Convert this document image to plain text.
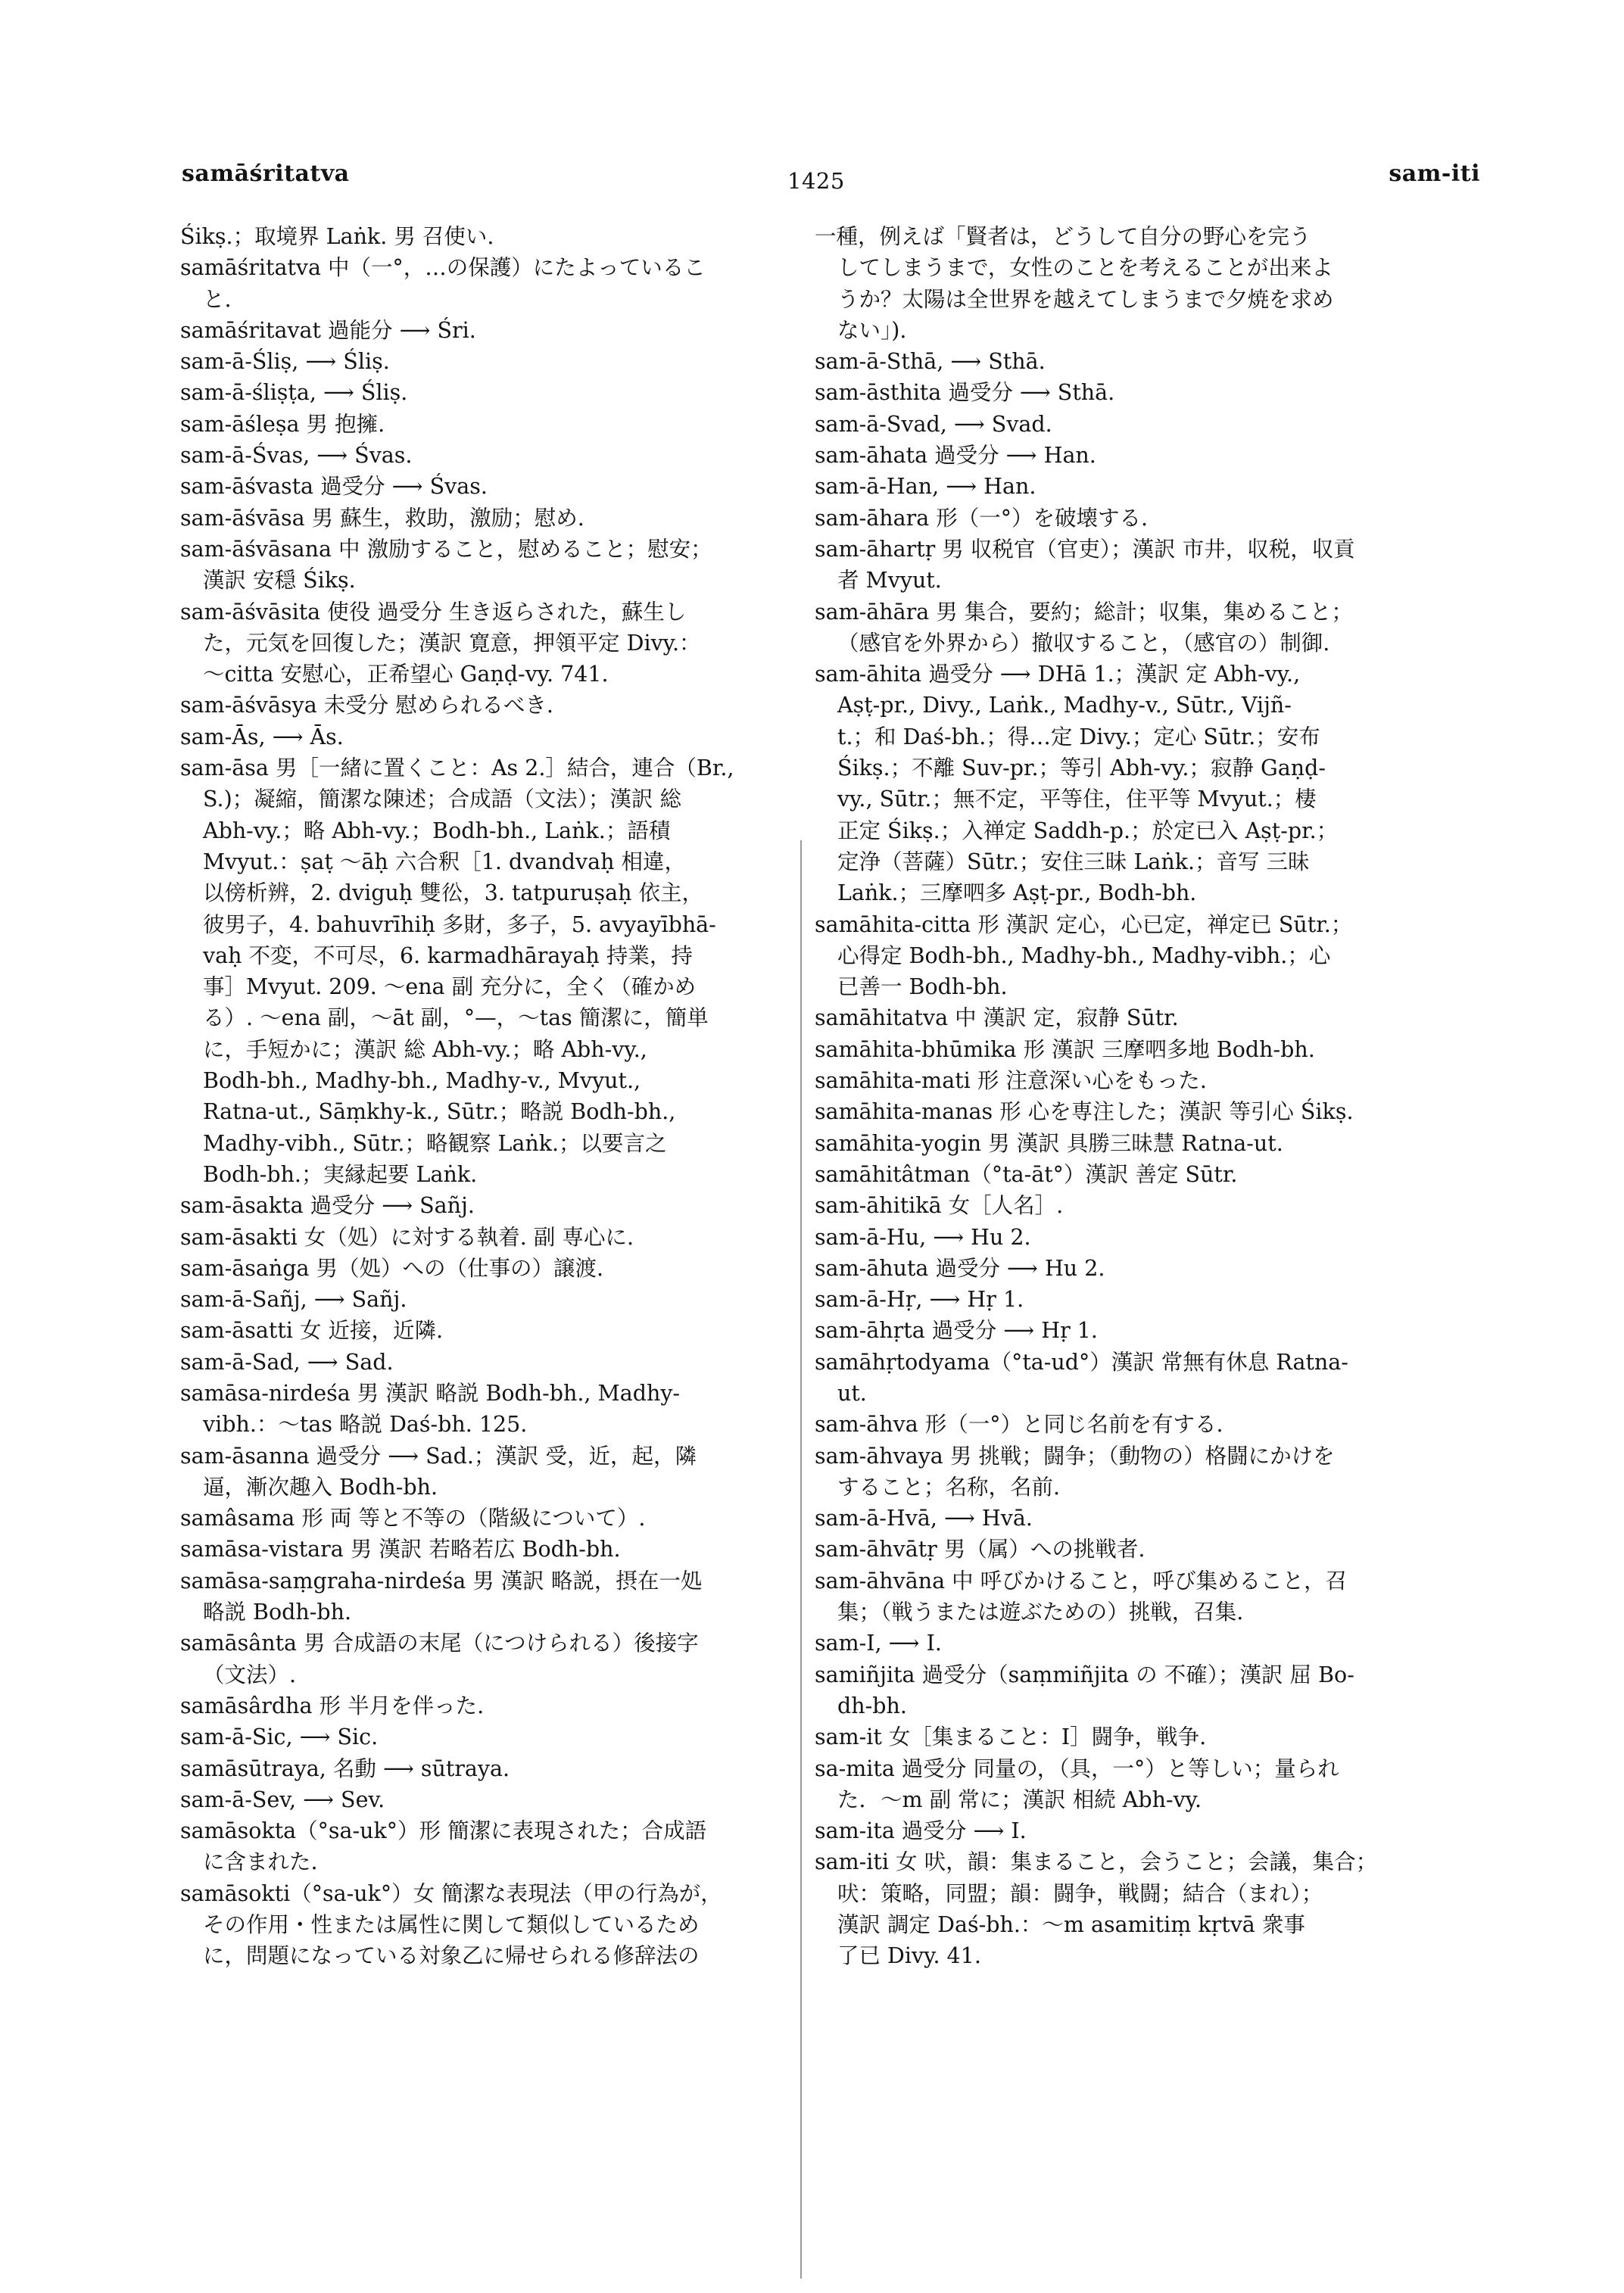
samāśritatva	1425	sam-iti
Śikṣ.；取境界 Laṅk. 男 召使い.
samāśritatva 中（一°，…の保護）にたよっているこ
と.
samāśritavat 過能分 ⟶ Śri.
sam-ā-Śliṣ, ⟶ Śliṣ.
sam-ā-śliṣṭa, ⟶ Śliṣ.
sam-āśleṣa 男 抱擁.
sam-ā-Śvas, ⟶ Śvas.
sam-āśvasta 過受分 ⟶ Śvas.
sam-āśvāsa 男 蘇生，救助，激励；慰め.
sam-āśvāsana 中 激励すること，慰めること；慰安；
漢訳 安穏 Śikṣ.
sam-āśvāsita 使役 過受分 生き返らされた，蘇生し
た，元気を回復した；漢訳 寛意，押領平定 Divy.：
～citta 安慰心，正希望心 Gaṇḍ-vy. 741.
sam-āśvāsya 未受分 慰められるべき.
sam-Ās, ⟶ Ās.
sam-āsa 男［一緒に置くこと：As 2.］結合，連合（Br.,
S.)；凝縮，簡潔な陳述；合成語（文法）；漢訳 総
Abh-vy.；略 Abh-vy.；Bodh-bh., Laṅk.；語積
Mvyut.：ṣaṭ ～āḥ 六合釈［1. dvandvaḥ 相違，
以傍析辨，2. dviguḥ 雙彸，3. tatpuruṣaḥ 依主，
彼男子，4. bahuvrīhiḥ 多財，多子，5. avyayībhā-
vaḥ 不変，不可尽，6. karmadhārayaḥ 持業，持
事］Mvyut. 209. ～ena 副 充分に，全く（確かめ
る）. ～ena 副，～āt 副，°—，～tas 簡潔に，簡単
に，手短かに；漢訳 総 Abh-vy.；略 Abh-vy.,
Bodh-bh., Madhy-bh., Madhy-v., Mvyut.,
Ratna-ut., Sāṃkhy-k., Sūtr.；略説 Bodh-bh.,
Madhy-vibh., Sūtr.；略観察 Laṅk.；以要言之
Bodh-bh.；実縁起要 Laṅk.
sam-āsakta 過受分 ⟶ Sañj.
sam-āsakti 女（処）に対する執着. 副 専心に.
sam-āsaṅga 男（処）への（仕事の）譲渡.
sam-ā-Sañj, ⟶ Sañj.
sam-āsatti 女 近接，近隣.
sam-ā-Sad, ⟶ Sad.
samāsa-nirdeśa 男 漢訳 略説 Bodh-bh., Madhy-
vibh.：～tas 略説 Daś-bh. 125.
sam-āsanna 過受分 ⟶ Sad.；漢訳 受，近，起，隣
逼，漸次趣入 Bodh-bh.
samâsama 形 両 等と不等の（階級について）.
samāsa-vistara 男 漢訳 若略若広 Bodh-bh.
samāsa-saṃgraha-nirdeśa 男 漢訳 略説，摂在一処
略説 Bodh-bh.
samāsânta 男 合成語の末尾（につけられる）後接字
（文法）.
samāsârdha 形 半月を伴った.
sam-ā-Sic, ⟶ Sic.
samāsūtraya, 名動 ⟶ sūtraya.
sam-ā-Sev, ⟶ Sev.
samāsokta（°sa-uk°）形 簡潔に表現された；合成語
に含まれた.
samāsokti（°sa-uk°）女 簡潔な表現法（甲の行為が，
その作用・性または属性に関して類似しているため
に，問題になっている対象乙に帰せられる修辞法の
一種，例えば「賢者は，どうして自分の野心を完う
してしまうまで，女性のことを考えることが出来よ
うか？太陽は全世界を越えてしまうまで夕焼を求め
ない」).
sam-ā-Sthā, ⟶ Sthā.
sam-āsthita 過受分 ⟶ Sthā.
sam-ā-Svad, ⟶ Svad.
sam-āhata 過受分 ⟶ Han.
sam-ā-Han, ⟶ Han.
sam-āhara 形（一°）を破壊する.
sam-āhartṛ 男 収税官（官吏）；漢訳 市井，収税，収貢
者 Mvyut.
sam-āhāra 男 集合，要約；総計；収集，集めること；
（感官を外界から）撤収すること，（感官の）制御.
sam-āhita 過受分 ⟶ DHā 1.；漢訳 定 Abh-vy.,
Aṣṭ-pr., Divy., Laṅk., Madhy-v., Sūtr., Vijñ-
t.；和 Daś-bh.；得…定 Divy.；定心 Sūtr.；安布
Śikṣ.；不離 Suv-pr.；等引 Abh-vy.；寂静 Gaṇḍ-
vy., Sūtr.；無不定，平等住，住平等 Mvyut.；棲
正定 Śikṣ.；入禅定 Saddh-p.；於定已入 Aṣṭ-pr.；
定浄（菩薩）Sūtr.；安住三昧 Laṅk.；音写 三昧
Laṅk.；三摩呬多 Aṣṭ-pr., Bodh-bh.
samāhita-citta 形 漢訳 定心，心已定，禅定已 Sūtr.；
心得定 Bodh-bh., Madhy-bh., Madhy-vibh.；心
已善一 Bodh-bh.
samāhitatva 中 漢訳 定，寂静 Sūtr.
samāhita-bhūmika 形 漢訳 三摩呬多地 Bodh-bh.
samāhita-mati 形 注意深い心をもった.
samāhita-manas 形 心を専注した；漢訳 等引心 Śikṣ.
samāhita-yogin 男 漢訳 具勝三昧慧 Ratna-ut.
samāhitâtman（°ta-āt°）漢訳 善定 Sūtr.
sam-āhitikā 女［人名］.
sam-ā-Hu, ⟶ Hu 2.
sam-āhuta 過受分 ⟶ Hu 2.
sam-ā-Hṛ, ⟶ Hṛ 1.
sam-āhṛta 過受分 ⟶ Hṛ 1.
samāhṛtodyama（°ta-ud°）漢訳 常無有休息 Ratna-
ut.
sam-āhva 形（一°）と同じ名前を有する.
sam-āhvaya 男 挑戦；闘争；（動物の）格闘にかけを
すること；名称，名前.
sam-ā-Hvā, ⟶ Hvā.
sam-āhvātṛ 男（属）への挑戦者.
sam-āhvāna 中 呼びかけること，呼び集めること，召
集；（戦うまたは遊ぶための）挑戦，召集.
sam-I, ⟶ I.
samiñjita 過受分（saṃmiñjita の 不確）；漢訳 屈 Bo-
dh-bh.
sam-it 女［集まること：I］闘争，戦争.
sa-mita 過受分 同量の，（具，一°）と等しい；量られ
た．～m 副 常に；漢訳 相続 Abh-vy.
sam-ita 過受分 ⟶ I.
sam-iti 女 吠，韻：集まること，会うこと；会議，集合；
吠：策略，同盟；韻：闘争，戦闘；結合（まれ）；
漢訳 調定 Daś-bh.：～m asamitiṃ kṛtvā 衆事
了已 Divy. 41.
